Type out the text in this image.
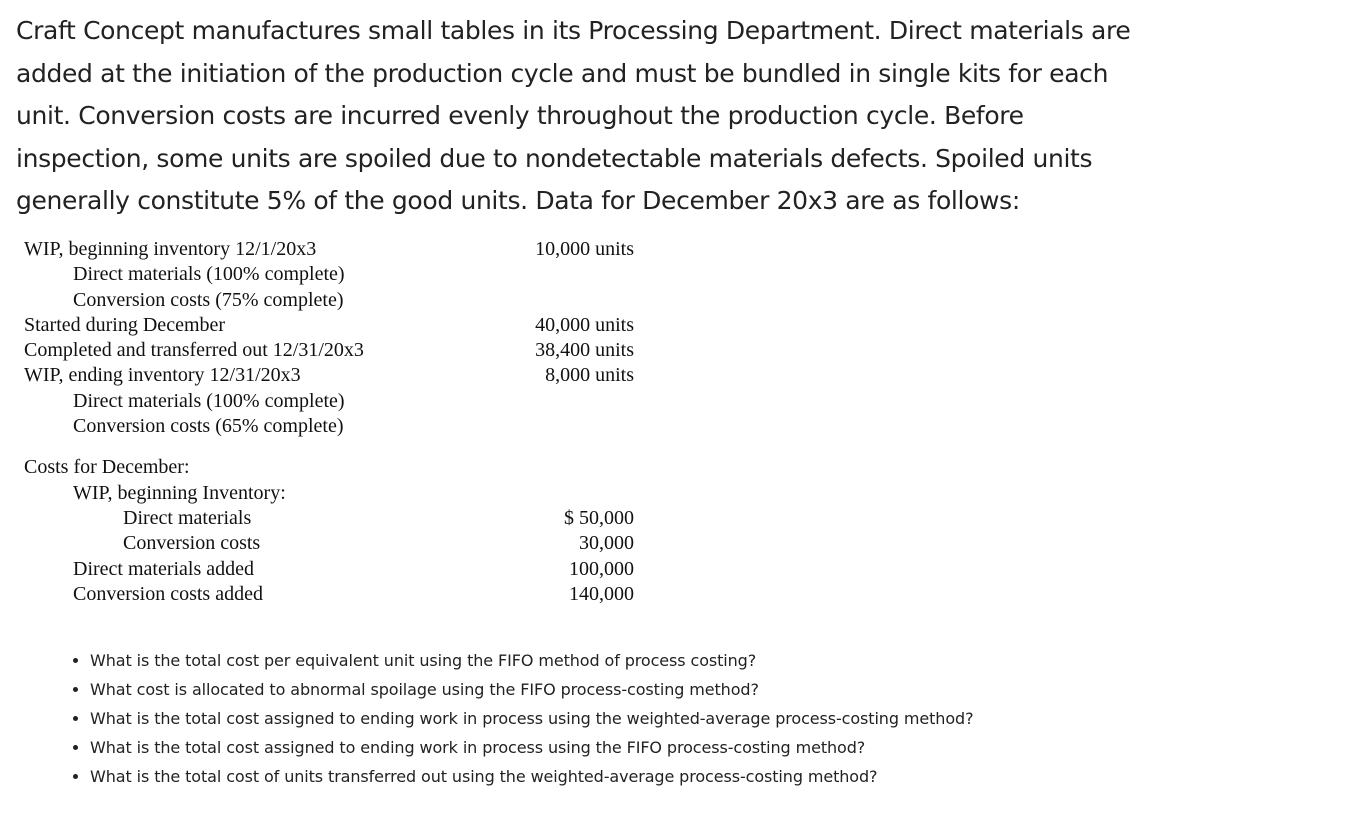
Craft Concept manufactures small tables in its Processing Department. Direct materials are
added at the initiation of the production cycle and must be bundled in single kits for each
unit. Conversion costs are incurred evenly throughout the production cycle. Before
inspection, some units are spoiled due to nondetectable materials defects. Spoiled units
generally constitute 5% of the good units. Data for December 20x3 are as follows:

WIP, beginning inventory 12/1/20x3	10,000 units
Direct materials (100% complete)
Conversion costs (75% complete)
Started during December	40,000 units
Completed and transferred out 12/31/20x3	38,400 units
WIP, ending inventory 12/31/20x3	8,000 units
Direct materials (100% complete)
Conversion costs (65% complete)
Costs for December:
WIP, beginning Inventory:
Direct materials	$ 50,000
Conversion costs	30,000
Direct materials added	100,000
Conversion costs added	140,000
• What is the total cost per equivalent unit using the FIFO method of process costing?
• What cost is allocated to abnormal spoilage using the FIFO process-costing method?
• What is the total cost assigned to ending work in process using the weighted-average process-costing method?
• What is the total cost assigned to ending work in process using the FIFO process-costing method?
• What is the total cost of units transferred out using the weighted-average process-costing method?
